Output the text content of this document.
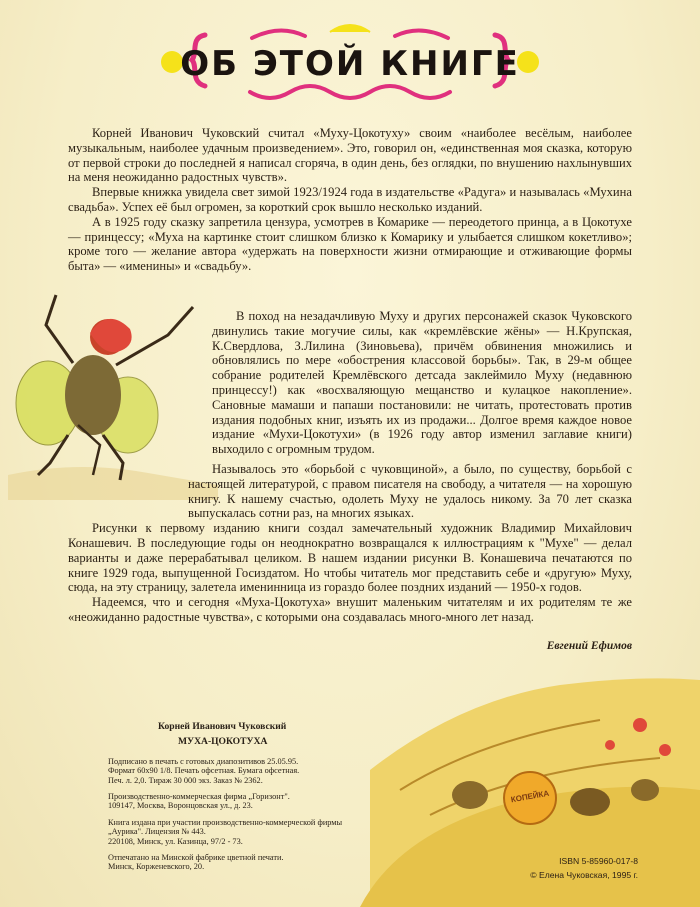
ОБ ЭТОЙ КНИГЕ

Корней Иванович Чуковский считал «Муху-Цокотуху» своим «наиболее весёлым, наиболее музыкальным, наиболее удачным произведением». Это, говорил он, «единственная моя сказка, которую от первой строки до последней я написал сгоряча, в один день, без оглядки, по внушению нахлынувших на меня неожиданно радостных чувств».

Впервые книжка увидела свет зимой 1923/1924 года в издательстве «Радуга» и называлась «Мухина свадьба». Успех её был огромен, за короткий срок вышло несколько изданий.

А в 1925 году сказку запретила цензура, усмотрев в Комарике — переодетого принца, а в Цокотухе — принцессу; «Муха на картинке стоит слишком близко к Комарику и улыбается слишком кокетливо»; кроме того — желание автора «удержать на поверхности жизни отмирающие и отживающие формы быта» — «именины» и «свадьбу».

В поход на незадачливую Муху и других персонажей сказок Чуковского двинулись такие могучие силы, как «кремлёвские жёны» — Н.Крупская, К.Свердлова, З.Лилина (Зиновьева), причём обвинения множились и обновлялись по мере «обострения классовой борьбы». Так, в 29-м общее собрание родителей Кремлёвского детсада заклеймило Муху (недавнюю принцессу!) как «восхваляющую мещанство и кулацкое накопление». Сановные мамаши и папаши постановили: не читать, протестовать против издания подобных книг, изъять их из продажи... Долгое время каждое новое издание «Мухи-Цокотухи» (в 1926 году автор изменил заглавие книги) выходило с огромным трудом.

Называлось это «борьбой с чуковщиной», а было, по существу, борьбой с настоящей литературой, с правом писателя на свободу, а читателя — на хорошую книгу. К нашему счастью, одолеть Муху не удалось никому. За 70 лет сказка выпускалась сотни раз, на многих языках.

Рисунки к первому изданию книги создал замечательный художник Владимир Михайлович Конашевич. В последующие годы он неоднократно возвращался к иллюстрациям к "Мухе" — делал варианты и даже перерабатывал целиком. В нашем издании рисунки В. Конашевича печатаются по книге 1929 года, выпущенной Госиздатом. Но чтобы читатель мог представить себе и «другую» Муху, сюда, на эту страницу, залетела именинница из гораздо более поздних изданий — 1950-х годов.

Надеемся, что и сегодня «Муха-Цокотуха» внушит маленьким читателям и их родителям те же «неожиданно радостные чувства», с которыми она создавалась много-много лет назад.

Евгений Ефимов
КОПЕЙКА
Корней Иванович Чуковский
МУХА-ЦОКОТУХА
Подписано в печать с готовых диапозитивов 25.05.95.
Формат 60x90 1/8. Печать офсетная. Бумага офсетная.
Печ. л. 2,0. Тираж 30 000 экз. Заказ № 2362.
Производственно-коммерческая фирма „Горизонт".
109147, Москва, Воронцовская ул., д. 23.
Книга издана при участии производственно-коммерческой фирмы „Аурика". Лицензия № 443.
220108, Минск, ул. Казинца, 97/2 - 73.
Отпечатано на Минской фабрике цветной печати.
Минск, Корженевского, 20.
ISBN 5-85960-017-8
© Елена Чуковская, 1995 г.
